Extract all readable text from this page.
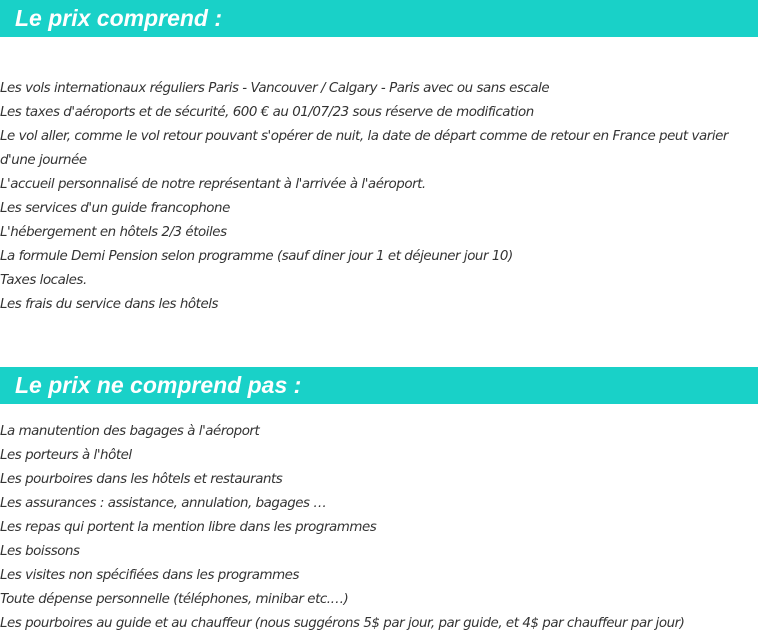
Le prix comprend :
Les vols internationaux réguliers Paris - Vancouver / Calgary - Paris avec ou sans escale
Les taxes d'aéroports et de sécurité, 600 € au 01/07/23 sous réserve de modification
Le vol aller, comme le vol retour pouvant s'opérer de nuit, la date de départ comme de retour en France peut varier d'une journée
L'accueil personnalisé de notre représentant à l'arrivée à l'aéroport.
Les services d'un guide francophone
L'hébergement en hôtels 2/3 étoiles
La formule Demi Pension selon programme (sauf diner jour 1 et déjeuner jour 10)
Taxes locales.
Les frais du service dans les hôtels
Le prix ne comprend pas :
La manutention des bagages à l'aéroport
Les porteurs à l'hôtel
Les pourboires dans les hôtels et restaurants
Les assurances : assistance, annulation, bagages …
Les repas qui portent la mention libre dans les programmes
Les boissons
Les visites non spécifiées dans les programmes
Toute dépense personnelle (téléphones, minibar etc.…)
Les pourboires au guide et au chauffeur (nous suggérons 5$ par jour, par guide, et 4$ par chauffeur par jour)
